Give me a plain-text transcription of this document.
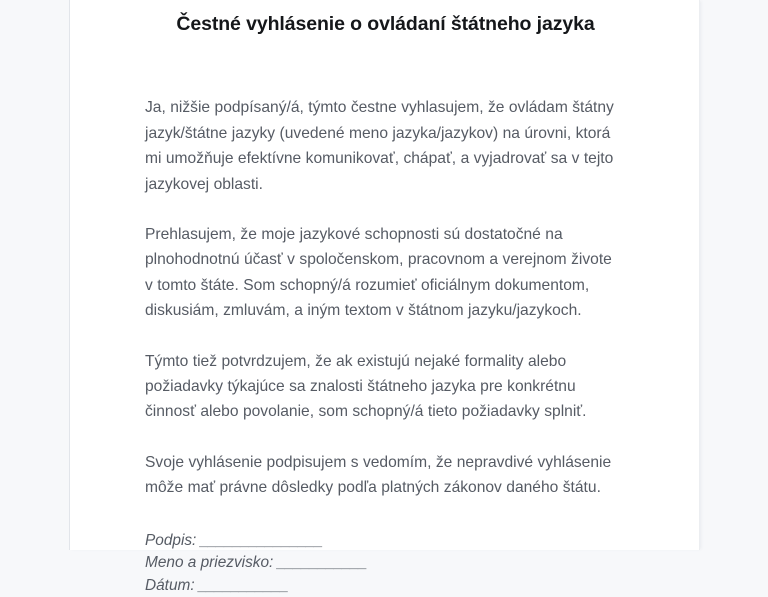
Čestné vyhlásenie o ovládaní štátneho jazyka

Ja, nižšie podpísaný/á, týmto čestne vyhlasujem, že ovládam štátny jazyk/štátne jazyky (uvedené meno jazyka/jazykov) na úrovni, ktorá mi umožňuje efektívne komunikovať, chápať, a vyjadrovať sa v tejto jazykovej oblasti.

Prehlasujem, že moje jazykové schopnosti sú dostatočné na plnohodnotnú účasť v spoločenskom, pracovnom a verejnom živote v tomto štáte. Som schopný/á rozumieť oficiálnym dokumentom, diskusiám, zmluvám, a iným textom v štátnom jazyku/jazykoch.

Týmto tiež potvrdzujem, že ak existujú nejaké formality alebo požiadavky týkajúce sa znalosti štátneho jazyka pre konkrétnu činnosť alebo povolanie, som schopný/á tieto požiadavky splniť.

Svoje vyhlásenie podpisujem s vedomím, že nepravdivé vyhlásenie môže mať právne dôsledky podľa platných zákonov daného štátu.

Podpis: _______________
Meno a priezvisko: ___________
Dátum: ___________
